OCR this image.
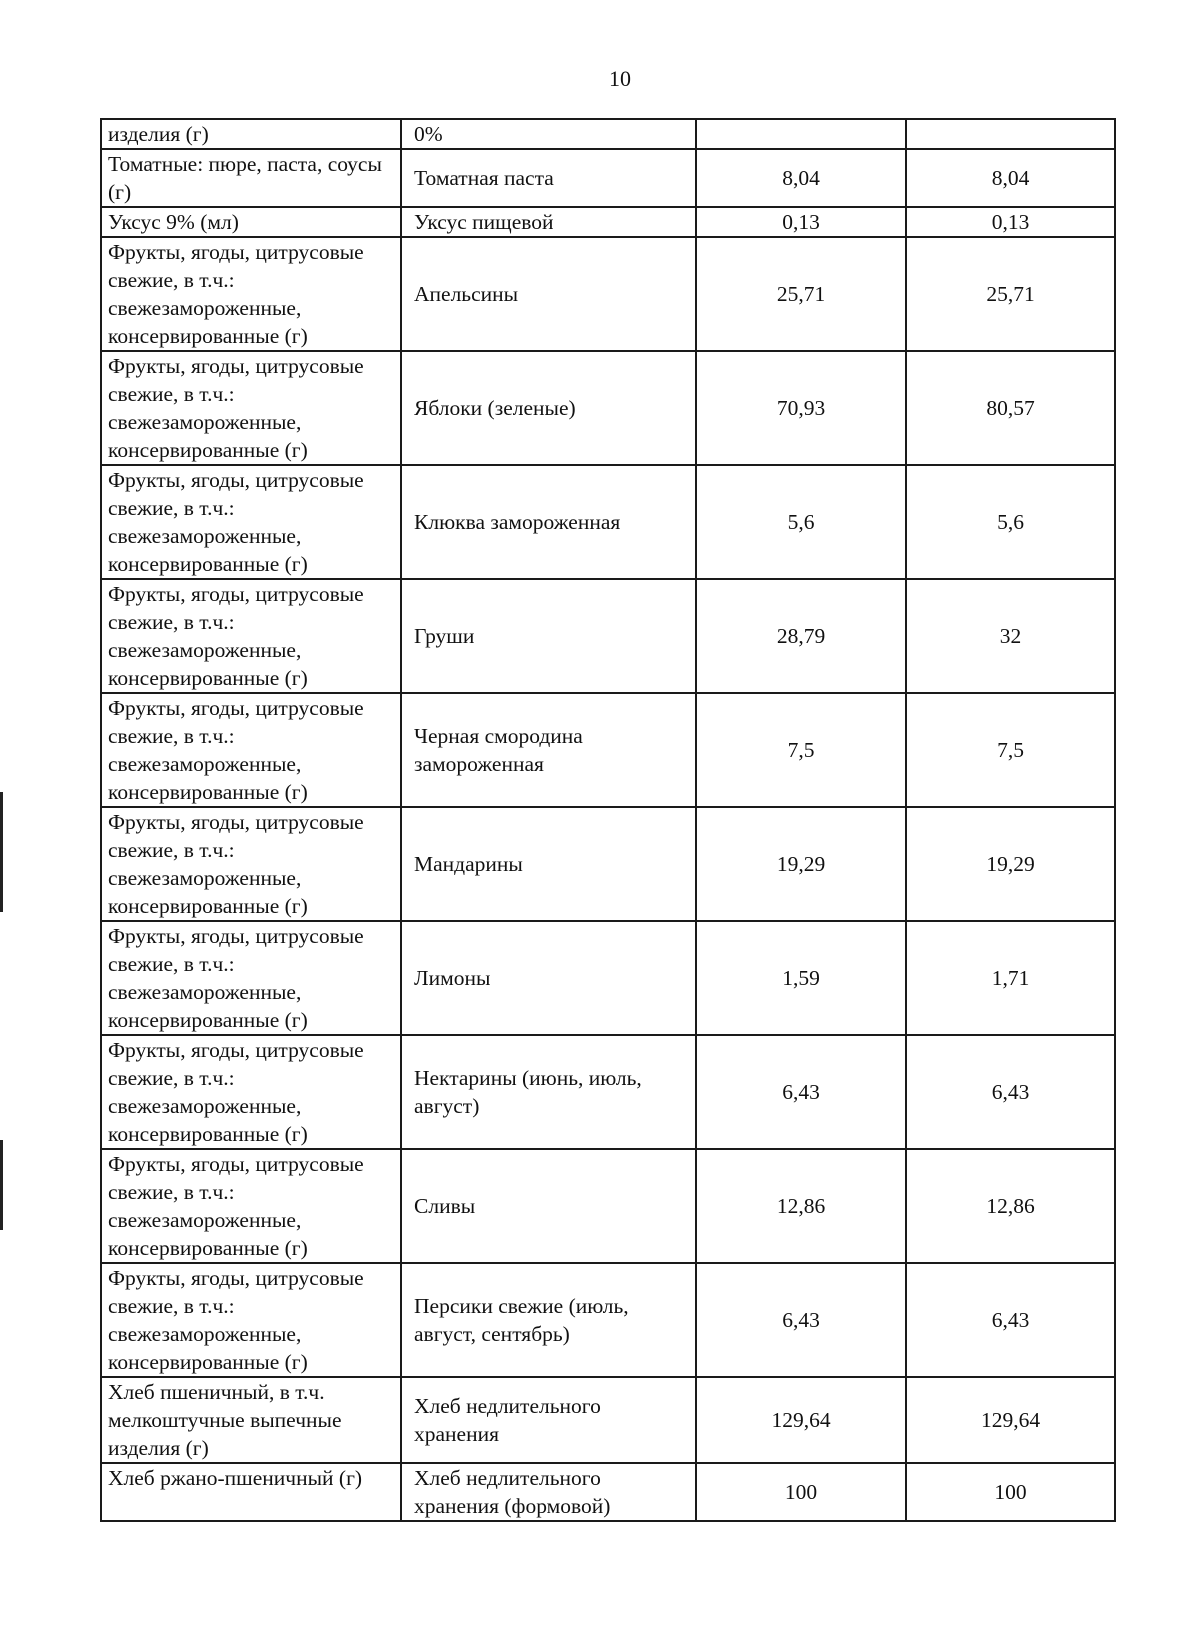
10
изделия (г)	0%		
Томатные: пюре, паста, соусы (г)	Томатная паста	8,04	8,04
Уксус 9% (мл)	Уксус пищевой	0,13	0,13
Фрукты, ягоды, цитрусовые свежие, в т.ч.: свежезамороженные, консервированные (г)	Апельсины	25,71	25,71
Фрукты, ягоды, цитрусовые свежие, в т.ч.: свежезамороженные, консервированные (г)	Яблоки (зеленые)	70,93	80,57
Фрукты, ягоды, цитрусовые свежие, в т.ч.: свежезамороженные, консервированные (г)	Клюква замороженная	5,6	5,6
Фрукты, ягоды, цитрусовые свежие, в т.ч.: свежезамороженные, консервированные (г)	Груши	28,79	32
Фрукты, ягоды, цитрусовые свежие, в т.ч.: свежезамороженные, консервированные (г)	Черная смородина замороженная	7,5	7,5
Фрукты, ягоды, цитрусовые свежие, в т.ч.: свежезамороженные, консервированные (г)	Мандарины	19,29	19,29
Фрукты, ягоды, цитрусовые свежие, в т.ч.: свежезамороженные, консервированные (г)	Лимоны	1,59	1,71
Фрукты, ягоды, цитрусовые свежие, в т.ч.: свежезамороженные, консервированные (г)	Нектарины (июнь, июль, август)	6,43	6,43
Фрукты, ягоды, цитрусовые свежие, в т.ч.: свежезамороженные, консервированные (г)	Сливы	12,86	12,86
Фрукты, ягоды, цитрусовые свежие, в т.ч.: свежезамороженные, консервированные (г)	Персики свежие (июль, август, сентябрь)	6,43	6,43
Хлеб пшеничный, в т.ч. мелкоштучные выпечные изделия (г)	Хлеб недлительного хранения	129,64	129,64
Хлеб ржано-пшеничный (г)	Хлеб недлительного хранения (формовой)	100	100
